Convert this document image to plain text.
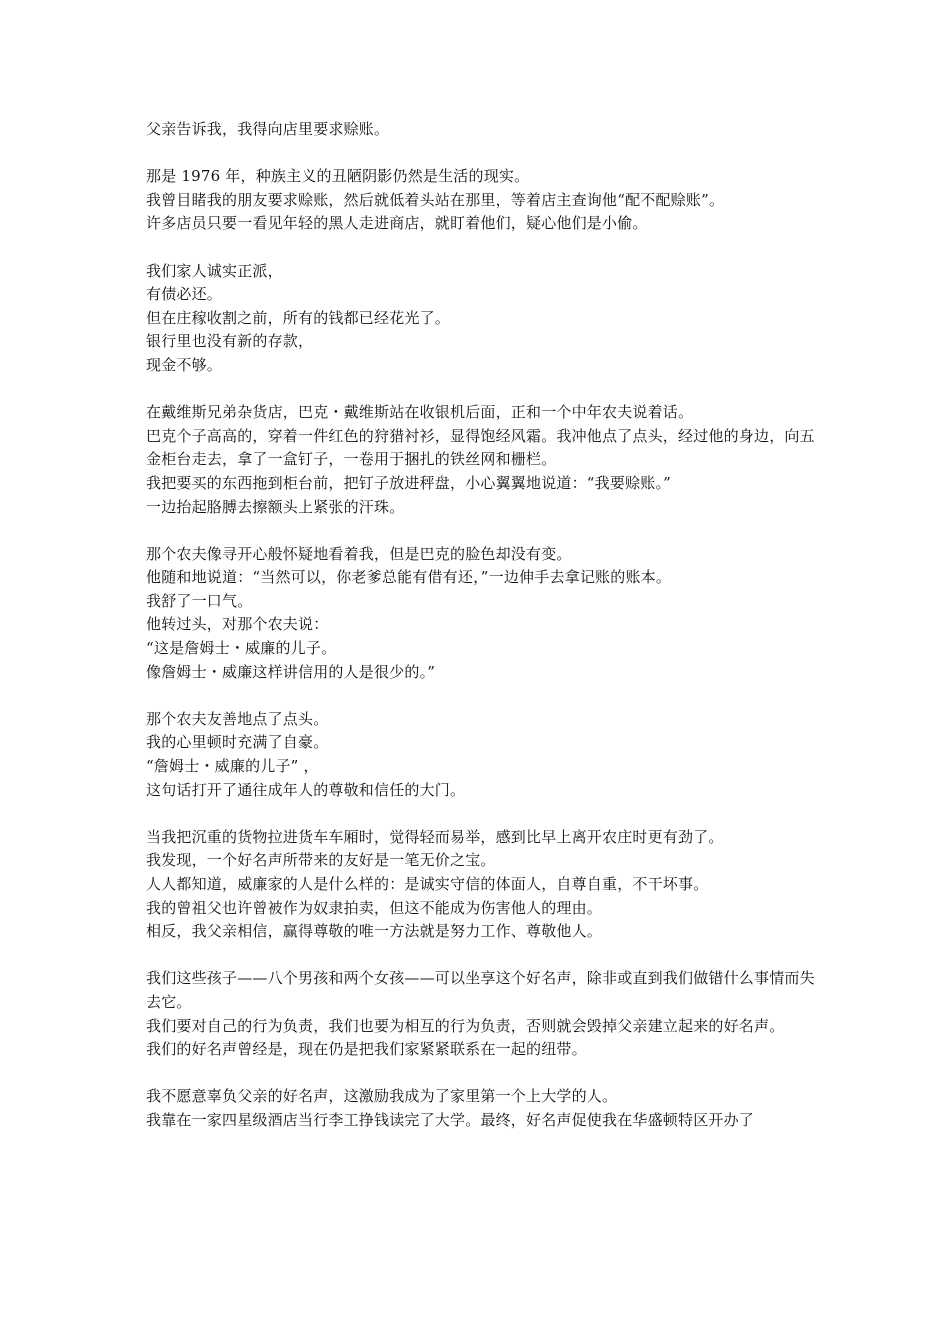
父亲告诉我，我得向店里要求赊账。
那是 1976 年，种族主义的丑陋阴影仍然是生活的现实。
我曾目睹我的朋友要求赊账，然后就低着头站在那里，等着店主查询他“配不配赊账”。
许多店员只要一看见年轻的黑人走进商店，就盯着他们，疑心他们是小偷。
我们家人诚实正派，
有债必还。
但在庄稼收割之前，所有的钱都已经花光了。
银行里也没有新的存款，
现金不够。
在戴维斯兄弟杂货店，巴克・戴维斯站在收银机后面，正和一个中年农夫说着话。
巴克个子高高的，穿着一件红色的狩猎衬衫，显得饱经风霜。我冲他点了点头，经过他的身边，向五金柜台走去，拿了一盒钉子，一卷用于捆扎的铁丝网和栅栏。
我把要买的东西拖到柜台前，把钉子放进秤盘，小心翼翼地说道：“我要赊账。”
一边抬起胳膊去擦额头上紧张的汗珠。
那个农夫像寻开心般怀疑地看着我，但是巴克的脸色却没有变。
他随和地说道：“当然可以，你老爹总能有借有还，”一边伸手去拿记账的账本。
我舒了一口气。
他转过头，对那个农夫说：
“这是詹姆士・威廉的儿子。
像詹姆士・威廉这样讲信用的人是很少的。”
那个农夫友善地点了点头。
我的心里顿时充满了自豪。
“詹姆士・威廉的儿子” ，
这句话打开了通往成年人的尊敬和信任的大门。
当我把沉重的货物拉进货车车厢时，觉得轻而易举，感到比早上离开农庄时更有劲了。
我发现，一个好名声所带来的友好是一笔无价之宝。
人人都知道，威廉家的人是什么样的：是诚实守信的体面人，自尊自重，不干坏事。
我的曾祖父也许曾被作为奴隶拍卖，但这不能成为伤害他人的理由。
相反，我父亲相信，赢得尊敬的唯一方法就是努力工作、尊敬他人。
我们这些孩子——八个男孩和两个女孩——可以坐享这个好名声，除非或直到我们做错什么事情而失去它。
我们要对自己的行为负责，我们也要为相互的行为负责，否则就会毁掉父亲建立起来的好名声。
我们的好名声曾经是，现在仍是把我们家紧紧联系在一起的纽带。
我不愿意辜负父亲的好名声，这激励我成为了家里第一个上大学的人。
我靠在一家四星级酒店当行李工挣钱读完了大学。最终，好名声促使我在华盛顿特区开办了
